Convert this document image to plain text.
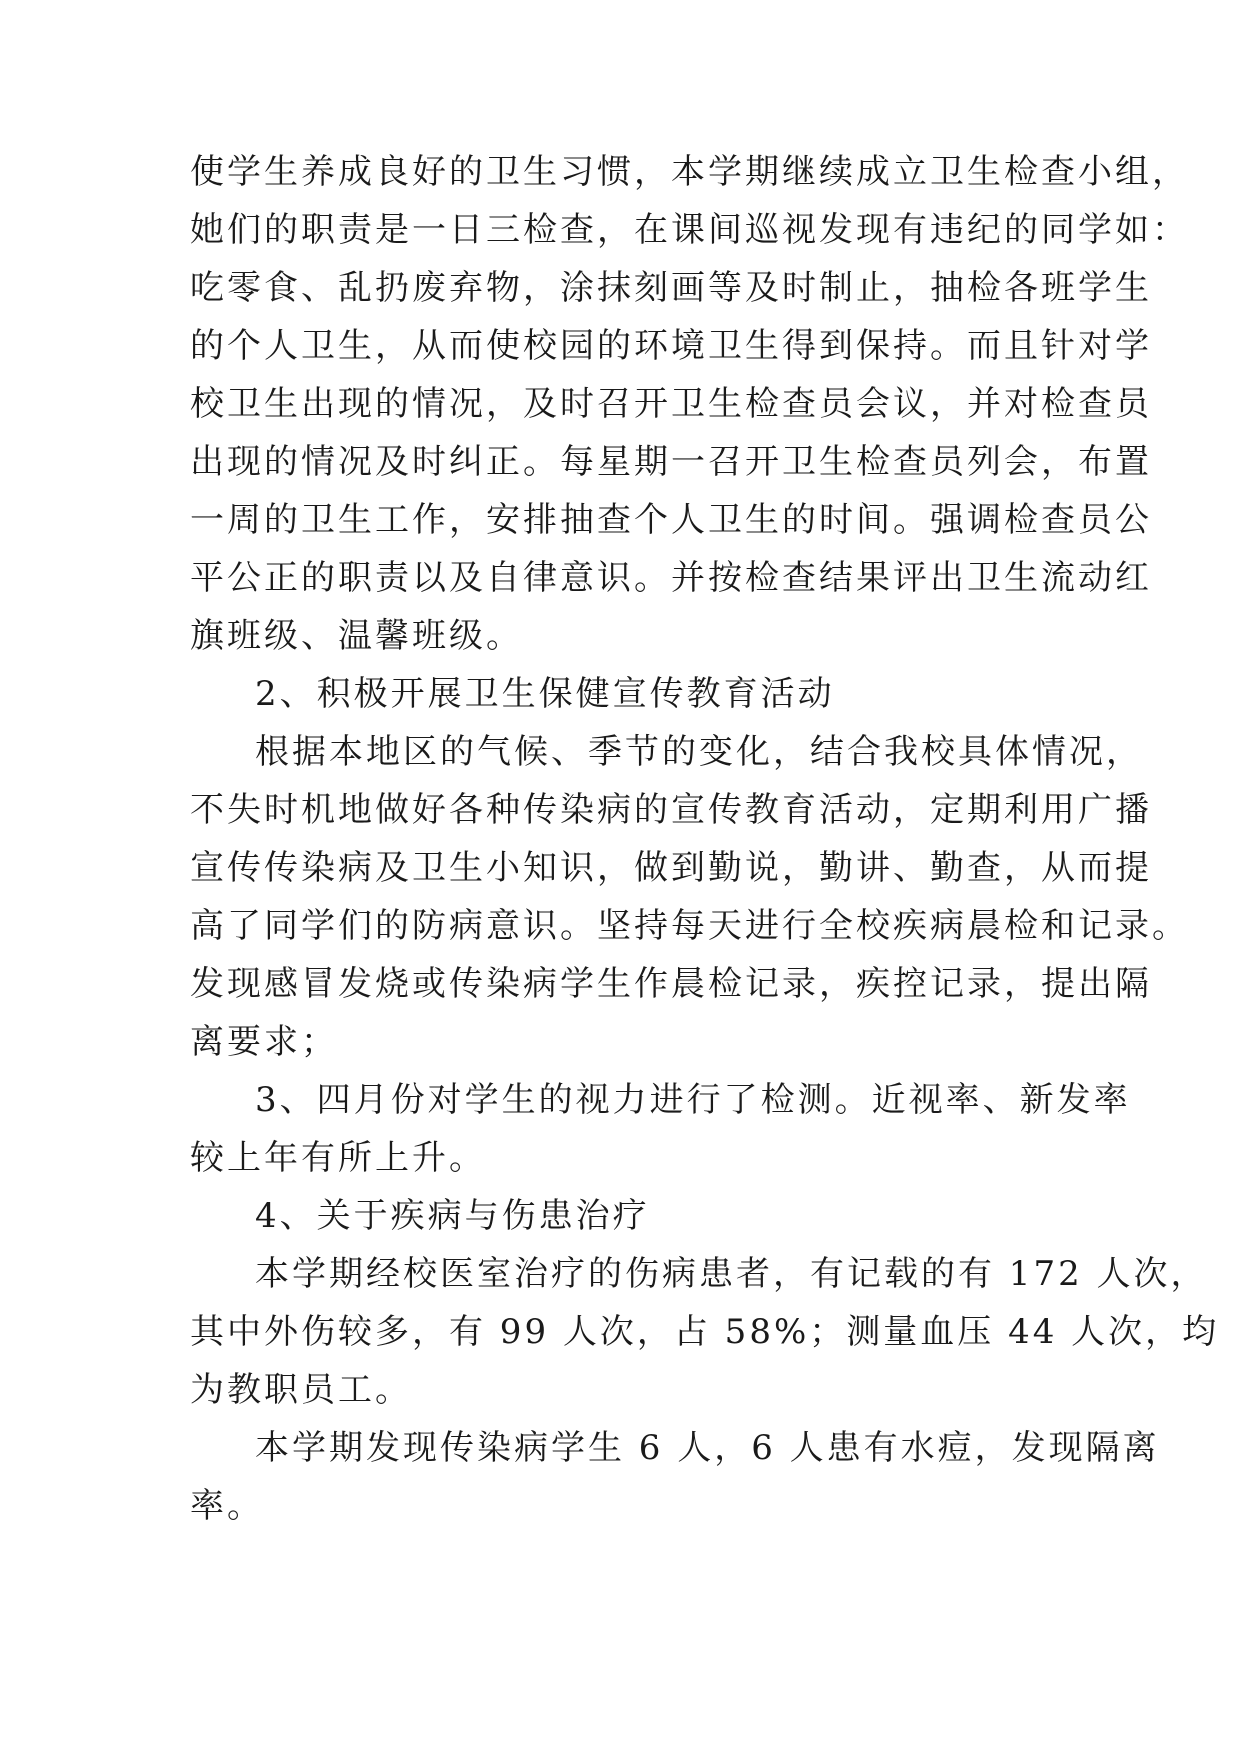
使学生养成良好的卫生习惯，本学期继续成立卫生检查小组，
她们的职责是一日三检查，在课间巡视发现有违纪的同学如：
吃零食、乱扔废弃物，涂抹刻画等及时制止，抽检各班学生
的个人卫生，从而使校园的环境卫生得到保持。而且针对学
校卫生出现的情况，及时召开卫生检查员会议，并对检查员
出现的情况及时纠正。每星期一召开卫生检查员列会，布置
一周的卫生工作，安排抽查个人卫生的时间。强调检查员公
平公正的职责以及自律意识。并按检查结果评出卫生流动红
旗班级、温馨班级。
2、积极开展卫生保健宣传教育活动
根据本地区的气候、季节的变化，结合我校具体情况，
不失时机地做好各种传染病的宣传教育活动，定期利用广播
宣传传染病及卫生小知识，做到勤说，勤讲、勤查，从而提
高了同学们的防病意识。坚持每天进行全校疾病晨检和记录。
发现感冒发烧或传染病学生作晨检记录，疾控记录，提出隔
离要求；
3、四月份对学生的视力进行了检测。近视率、新发率
较上年有所上升。
4、关于疾病与伤患治疗
本学期经校医室治疗的伤病患者，有记载的有 172 人次，
其中外伤较多，有 99 人次，占 58%；测量血压 44 人次，均
为教职员工。
本学期发现传染病学生 6 人，6 人患有水痘，发现隔离
率。
